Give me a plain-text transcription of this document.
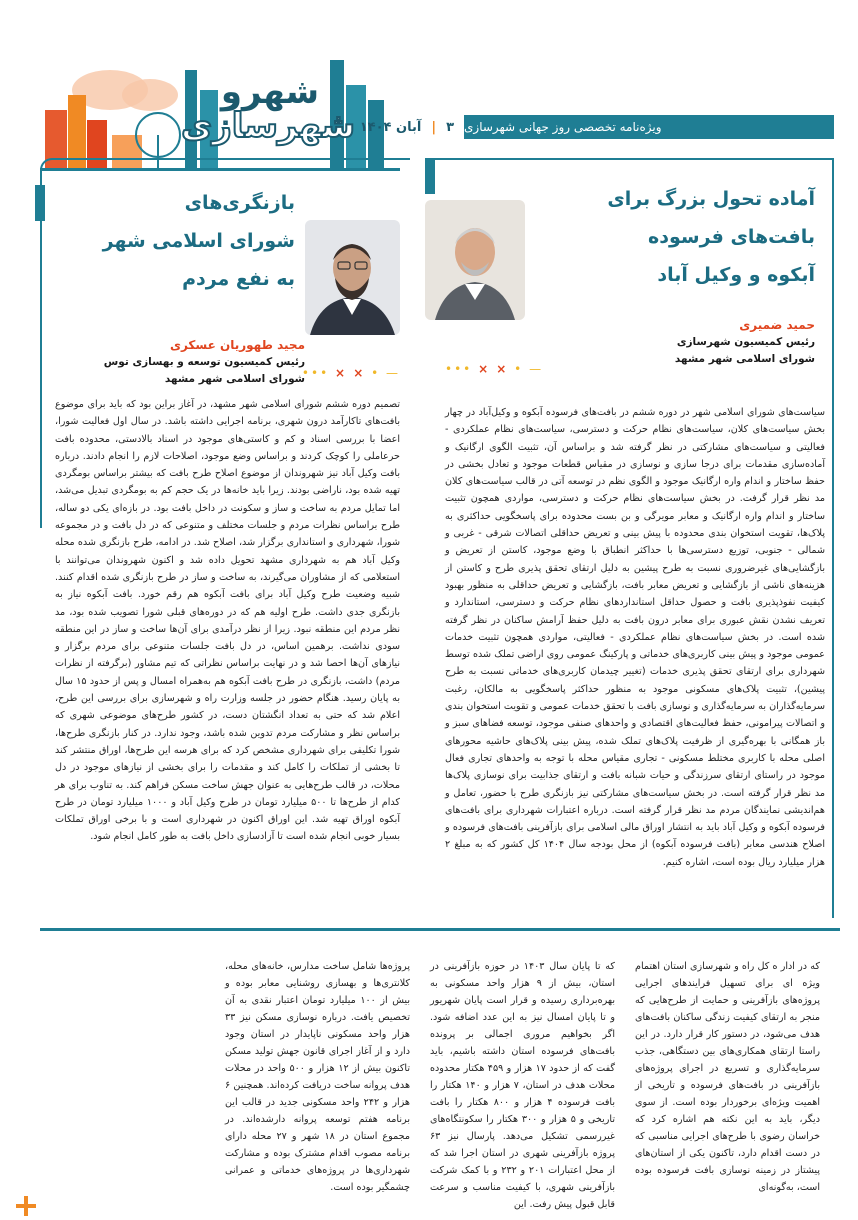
شهرو
شهرسازی	۳
|
آبان ۱۴۰۴	ویژه‌نامه تخصصی روز جهانی شهرسازی
آماده تحول بزرگ برای
بافت‌های فرسوده
آبکوه و وکیل آباد
حمید ضمیری
رئیس کمیسیون شهرسازی
شورای اسلامی شهر مشهد
— • × × •••
سیاست‌های شورای اسلامی شهر در دوره ششم در بافت‌های فرسوده آبکوه و وکیل‌آباد در چهار بخش سیاست‌های کلان، سیاست‌های نظام حرکت و دسترسی، سیاست‌های نظام عملکردی - فعالیتی و سیاست‌های مشارکتی در نظر گرفته شد و براساس آن، تثبیت الگوی ارگانیک و آماده‌سازی مقدمات برای درجا سازی و نوسازی در مقیاس قطعات موجود و تعادل بخشی در حفظ ساختار و اندام واره ارگانیک موجود و الگوی نظم در توسعه آتی در قالب سیاست‌های کلان مد نظر قرار گرفت. در بخش سیاست‌های نظام حرکت و دسترسی، مواردی همچون تثبیت ساختار و اندام واره ارگانیک و معابر مویرگی و بن بست محدوده برای پاسخگویی حداکثری به پلاک‌ها، تقویت استخوان بندی محدوده با پیش بینی و تعریض حداقلی اتصالات شرقی - غربی و شمالی - جنوبی، توزیع دسترسی‌ها با حداکثر انطباق با وضع موجود، کاستن از تعریض و بازگشایی‌های غیرضروری نسبت به طرح پیشین به دلیل ارتقای تحقق پذیری طرح و کاستن از هزینه‌های ناشی از بازگشایی و تعریض معابر بافت، بازگشایی و تعریض حداقلی به منظور بهبود کیفیت نفوذپذیری بافت و حصول حداقل استانداردهای نظام حرکت و دسترسی، استاندارد و تعریف نشدن نقش عبوری برای معابر درون بافت به دلیل حفظ آرامش ساکنان در نظر گرفته شده است. در بخش سیاست‌های نظام عملکردی - فعالیتی، مواردی همچون تثبیت خدمات عمومی موجود و پیش بینی کاربری‌های خدماتی و پارکینگ عمومی روی اراضی تملک شده توسط شهرداری برای ارتقای تحقق پذیری خدمات (تغییر چیدمان کاربری‌های خدماتی نسبت به طرح پیشین)، تثبیت پلاک‌های مسکونی موجود به منظور حداکثر پاسخگویی به مالکان، رغبت سرمایه‌گذاران به سرمایه‌گذاری و نوسازی بافت با تحقق خدمات عمومی و تقویت استخوان بندی و اتصالات پیرامونی، حفظ فعالیت‌های اقتصادی و واحدهای صنفی موجود، توسعه فضاهای سبز و باز همگانی با بهره‌گیری از ظرفیت پلاک‌های تملک شده، پیش بینی پلاک‌های حاشیه محورهای اصلی محله با کاربری مختلط مسکونی - تجاری مقیاس محله با توجه به واحدهای تجاری فعال موجود در راستای ارتقای سرزندگی و حیات شبانه بافت و ارتقای جذابیت برای نوسازی پلاک‌ها مد نظر قرار گرفته است. در بخش سیاست‌های مشارکتی نیز بازنگری طرح با حضور، تعامل و هم‌اندیشی نمایندگان مردم مد نظر قرار گرفته است. درباره اعتبارات شهرداری برای بافت‌های فرسوده آبکوه و وکیل آباد باید به انتشار اوراق مالی اسلامی برای بازآفرینی بافت‌های فرسوده و اصلاح هندسی معابر (بافت فرسوده آبکوه) از محل بودجه سال ۱۴۰۴ کل کشور که به مبلغ ۲ هزار میلیارد ریال بوده است، اشاره کنیم.
بازنگری‌های
شورای اسلامی شهر
به نفع مردم
مجید طهوریان عسکری
رئیس کمیسیون توسعه و بهسازی توس
شورای اسلامی شهر مشهد	— • × × •••
تصمیم دوره ششم شورای اسلامی شهر مشهد، در آغاز براین بود که باید برای موضوع بافت‌های تاکارآمد درون شهری، برنامه اجرایی داشته باشد. در سال اول فعالیت شورا، اعضا با بررسی اسناد و کم و کاستی‌های موجود در اسناد بالادستی، محدوده بافت حرعاملی را کوچک کردند و براساس وضع موجود، اصلاحات لازم را انجام دادند. درباره بافت وکیل آباد نیز شهروندان از موضوع اصلاح طرح بافت که بیشتر براساس بومگردی تهیه شده بود، ناراضی بودند. زیرا باید خانه‌ها در یک حجم کم به بومگردی تبدیل می‌شد، اما تمایل مردم به ساخت و ساز و سکونت در داخل بافت بود. در بازه‌ای یکی دو ساله، طرح براساس نظرات مردم و جلسات مختلف و متنوعی که در دل بافت و در مجموعه شورا، شهرداری و استانداری برگزار شد، اصلاح شد. در ادامه، طرح بازنگری شده محله وکیل آباد هم به شهرداری مشهد تحویل داده شد و اکنون شهروندان می‌توانند با استعلامی که از مشاوران می‌گیرند، به ساخت و ساز در طرح بازنگری شده اقدام کنند. شبیه وضعیت طرح وکیل آباد برای بافت آبکوه هم رقم خورد. بافت آبکوه نیاز به بازنگری جدی داشت. طرح اولیه هم که در دوره‌های قبلی شورا تصویب شده بود، مد نظر مردم این منطقه نبود. زیرا از نظر درآمدی برای آن‌ها ساخت و ساز در این منطقه سودی نداشت. برهمین اساس، در دل بافت جلسات متنوعی برای مردم برگزار و نیازهای آن‌ها احصا شد و در نهایت براساس نظراتی که تیم مشاور (برگرفته از نظرات مردم) داشت، بازنگری در طرح بافت آبکوه هم به‌همراه امسال و پس از حدود ۱۵ سال به پایان رسید. هنگام حضور در جلسه وزارت راه و شهرسازی برای بررسی این طرح، اعلام شد که حتی به تعداد انگشتان دست، در کشور طرح‌های موضوعی شهری که براساس نظر و مشارکت مردم تدوین شده باشد، وجود ندارد. در کنار بازنگری طرح‌ها، شورا تکلیفی برای شهرداری مشخص کرد که برای هرسه این طرح‌ها، اوراق منتشر کند تا بخشی از تملکات را کامل کند و مقدمات را برای بخشی از نیازهای موجود در دل محلات، در قالب طرح‌هایی به عنوان جهش ساخت مسکن فراهم کند. به تناوب برای هر کدام از طرح‌ها تا ۵۰۰ میلیارد تومان در طرح وکیل آباد و ۱۰۰۰ میلیارد تومان در طرح آبکوه اوراق تهیه شد. این اوراق اکنون در شهرداری است و با برخی اوراق تملکات بسیار خوبی انجام شده است تا آزادسازی داخل بافت به طور کامل انجام شود.
که در ادار ه کل راه و شهرسازی استان اهتمام ویژه ای برای تسهیل فرایندهای اجرایی پروژه‌های بازآفرینی و حمایت از طرح‌هایی که منجر به ارتقای کیفیت زندگی ساکنان بافت‌های هدف می‌شود، در دستور کار قرار دارد. در این راستا ارتقای همکاری‌های بین دستگاهی، جذب سرمایه‌گذاری و تسریع در اجرای پروژه‌های بازآفرینی در بافت‌های فرسوده و تاریخی از اهمیت ویژه‌ای برخوردار بوده است. از سوی دیگر، باید به این نکته هم اشاره کرد که خراسان رضوی با طرح‌های اجرایی مناسبی که در دست اقدام دارد، تاکنون یکی از استان‌های پیشتاز در زمینه نوسازی بافت فرسوده بوده است، به‌گونه‌ای
که تا پایان سال ۱۴۰۳ در حوزه بازآفرینی در استان، بیش از ۹ هزار واحد مسکونی به بهره‌برداری رسیده و قرار است پایان شهریور و تا پایان امسال نیز به این عدد اضافه شود. اگر بخواهیم مروری اجمالی بر پرونده بافت‌های فرسوده استان داشته باشیم، باید گفت که از حدود ۱۷ هزار و ۴۵۹ هکتار محدوده محلات هدف در استان، ۷ هزار و ۱۴۰ هکتار را بافت فرسوده ۴ هزار و ۸۰۰ هکتار را بافت تاریخی و ۵ هزار و ۳۰۰ هکتار را سکونتگاه‌های غیررسمی تشکیل می‌دهد. پارسال نیز ۶۳ پروژه بازآفرینی شهری در استان اجرا شد که از محل اعتبارات ۲۰۱ و ۲۳۲ و با کمک شرکت بازآفرینی شهری، با کیفیت مناسب و سرعت قابل قبول پیش رفت. این
پروژه‌ها شامل ساخت مدارس، خانه‌های محله، کلانتری‌ها و بهسازی روشنایی معابر بوده و بیش از ۱۰۰ میلیارد تومان اعتبار نقدی به آن تخصیص یافت. درباره نوسازی مسکن نیز ۳۳ هزار واحد مسکونی ناپایدار در استان وجود دارد و از آغاز اجرای قانون جهش تولید مسکن تاکنون بیش از ۱۲ هزار و ۵۰۰ واحد در محلات هدف پروانه ساخت دریافت کرده‌اند. همچنین ۶ هزار و ۲۴۲ واحد مسکونی جدید در قالب این برنامه هفتم توسعه پروانه دارشده‌اند. در مجموع استان در ۱۸ شهر و ۲۷ محله دارای برنامه مصوب اقدام مشترک بوده و مشارکت شهرداری‌ها در پروژه‌های خدماتی و عمرانی چشمگیر بوده است.
